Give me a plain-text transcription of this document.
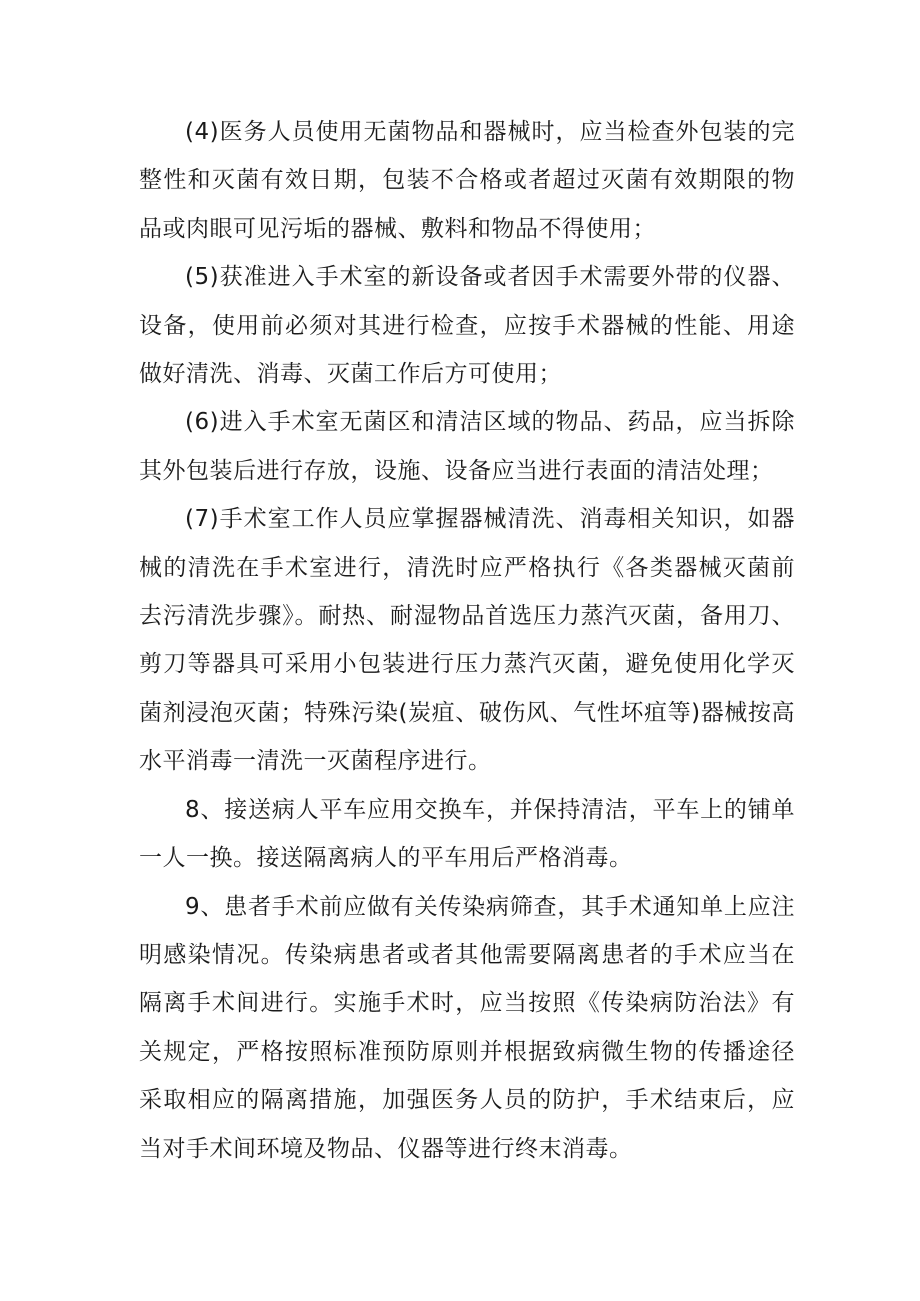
(4)医务人员使用无菌物品和器械时，应当检查外包装的完整性和灭菌有效日期，包装不合格或者超过灭菌有效期限的物品或肉眼可见污垢的器械、敷料和物品不得使用；

(5)获准进入手术室的新设备或者因手术需要外带的仪器、设备，使用前必须对其进行检查，应按手术器械的性能、用途做好清洗、消毒、灭菌工作后方可使用；

(6)进入手术室无菌区和清洁区域的物品、药品，应当拆除其外包装后进行存放，设施、设备应当进行表面的清洁处理；

(7)手术室工作人员应掌握器械清洗、消毒相关知识，如器械的清洗在手术室进行，清洗时应严格执行《各类器械灭菌前去污清洗步骤》。耐热、耐湿物品首选压力蒸汽灭菌，备用刀、剪刀等器具可采用小包装进行压力蒸汽灭菌，避免使用化学灭菌剂浸泡灭菌；特殊污染(炭疽、破伤风、气性坏疽等)器械按高水平消毒一清洗一灭菌程序进行。

8、接送病人平车应用交换车，并保持清洁，平车上的铺单一人一换。接送隔离病人的平车用后严格消毒。

9、患者手术前应做有关传染病筛查，其手术通知单上应注明感染情况。传染病患者或者其他需要隔离患者的手术应当在隔离手术间进行。实施手术时，应当按照《传染病防治法》有关规定，严格按照标准预防原则并根据致病微生物的传播途径采取相应的隔离措施，加强医务人员的防护，手术结束后，应当对手术间环境及物品、仪器等进行终末消毒。
